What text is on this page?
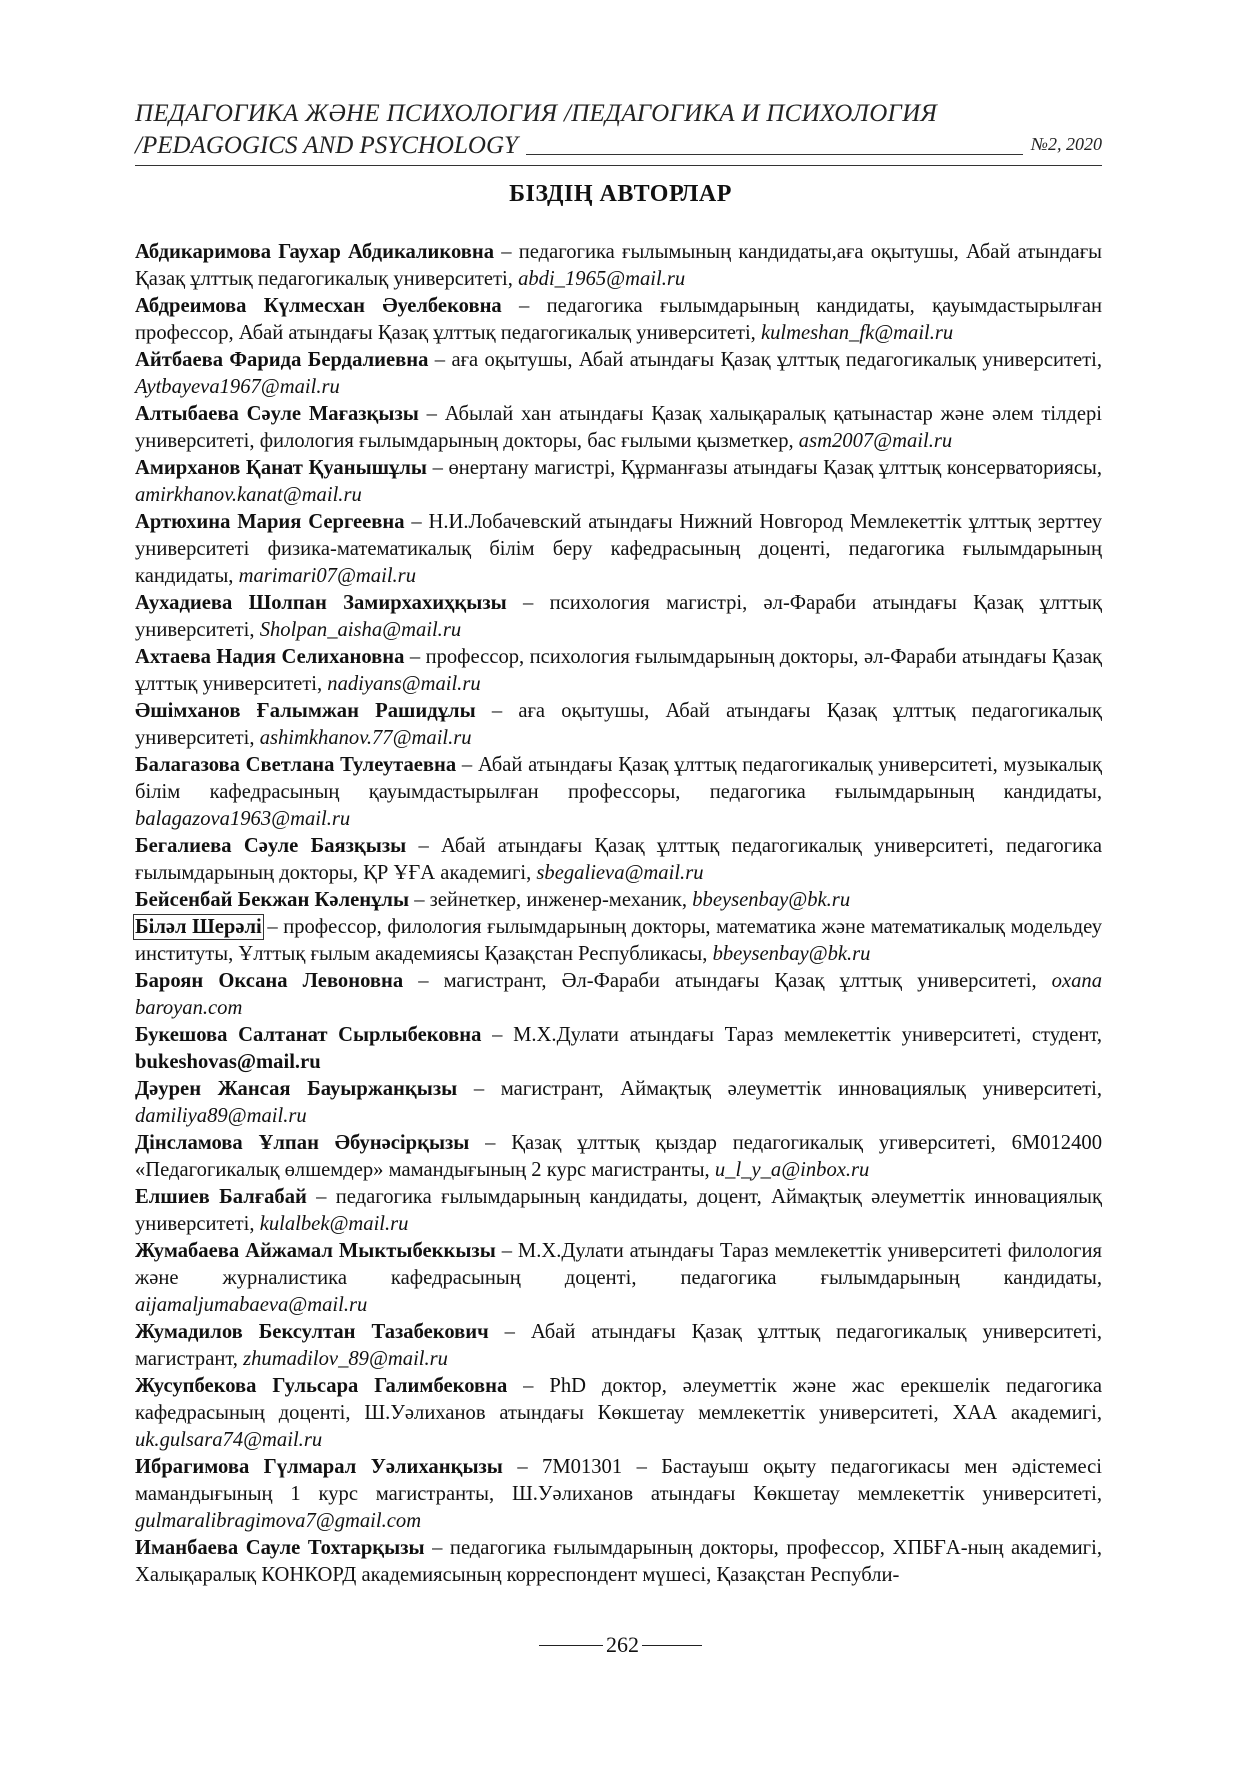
ПЕДАГОГИКА ЖӘНЕ ПСИХОЛОГИЯ /ПЕДАГОГИКА И ПСИХОЛОГИЯ
/PEDAGOGICS AND PSYCHOLOGY	№2, 2020
БІЗДІҢ АВТОРЛАР

Абдикаримова Гаухар Абдикаликовна – педагогика ғылымының кандидаты,аға оқытушы, Абай атындағы Қазақ ұлттық педагогикалық университеті, abdi_1965@mail.ru

Абдреимова Күлмесхан Әуелбековна – педагогика ғылымдарының кандидаты, қауымдастырылған профессор, Абай атындағы Қазақ ұлттық педагогикалық университеті, kulmeshan_fk@mail.ru

Айтбаева Фарида Бердалиевна – аға оқытушы, Абай атындағы Қазақ ұлттық педагогикалық университеті, Aytbayeva1967@mail.ru

Алтыбаева Сәуле Мағазқызы – Абылай хан атындағы Қазақ халықаралық қатынастар және әлем тілдері университеті, филология ғылымдарының докторы, бас ғылыми қызметкер, asm2007@mail.ru

Амирханов Қанат Қуанышұлы – өнертану магистрі, Құрманғазы атындағы Қазақ ұлттық консерваториясы, amirkhanov.kanat@mail.ru

Артюхина Мария Сергеевна – Н.И.Лобачевский атындағы Нижний Новгород Мемлекеттік ұлттық зерттеу университеті физика-математикалық білім беру кафедрасының доценті, педагогика ғылымдарының кандидаты, marimari07@mail.ru

Аухадиева Шолпан Замирхахиҳқызы – психология магистрі, әл-Фараби атындағы Қазақ ұлттық университеті, Sholpan_aisha@mail.ru

Ахтаева Надия Селихановна – профессор, психология ғылымдарының докторы, әл-Фараби атындағы Қазақ ұлттық университеті, nadiyans@mail.ru

Әшімханов Ғалымжан Рашидұлы – аға оқытушы, Абай атындағы Қазақ ұлттық педагогикалық университеті, ashimkhanov.77@mail.ru

Балагазова Светлана Тулеутаевна – Абай атындағы Қазақ ұлттық педагогикалық университеті, музыкалық білім кафедрасының қауымдастырылған профессоры, педагогика ғылымдарының кандидаты, balagazova1963@mail.ru

Бегалиева Сәуле Баязқызы – Абай атындағы Қазақ ұлттық педагогикалық университеті, педагогика ғылымдарының докторы, ҚР ҰҒА академигі, sbegalieva@mail.ru

Бейсенбай Бекжан Кәленұлы – зейнеткер, инженер-механик, bbeysenbay@bk.ru

Білəл Шерәлі – профессор, филология ғылымдарының докторы, математика және математикалық модельдеу институты, Ұлттық ғылым академиясы Қазақстан Республикасы, bbeysenbay@bk.ru

Бароян Оксана Левоновна – магистрант, Әл-Фараби атындағы Қазақ ұлттық университеті, oxana baroyan.com

Букешова Салтанат Сырлыбековна – М.Х.Дулати атындағы Тараз мемлекеттік университеті, студент, bukeshovas@mail.ru

Дәурен Жансая Бауыржанқызы – магистрант, Аймақтық әлеуметтік инновациялық университеті, damiliya89@mail.ru

Дінсламова Ұлпан Әбунәсірқызы – Қазақ ұлттық қыздар педагогикалық угиверситеті, 6М012400 «Педагогикалық өлшемдер» мамандығының 2 курс магистранты, u_l_y_a@inbox.ru

Елшиев Балғабай – педагогика ғылымдарының кандидаты, доцент, Аймақтық әлеуметтік инновациялық университеті, kulalbek@mail.ru

Жумабаева Айжамал Мыктыбеккызы – М.Х.Дулати атындағы Тараз мемлекеттік университеті филология және журналистика кафедрасының доценті, педагогика ғылымдарының кандидаты, aijamaljumabaeva@mail.ru

Жумадилов Бексултан Тазабекович – Абай атындағы Қазақ ұлттық педагогикалық университеті, магистрант, zhumadilov_89@mail.ru

Жусупбекова Гульсара Галимбековна – PhD доктор, әлеуметтік және жас ерекшелік педагогика кафедрасының доценті, Ш.Уәлиханов атындағы Көкшетау мемлекеттік университеті, ХАА академигі, uk.gulsara74@mail.ru

Ибрагимова Гүлмарал Уәлиханқызы – 7М01301 – Бастауыш оқыту педагогикасы мен әдістемесі мамандығының 1 курс магистранты, Ш.Уәлиханов атындағы Көкшетау мемлекеттік университеті, gulmaralibragimova7@gmail.com

Иманбаева Сауле Тохтарқызы – педагогика ғылымдарының докторы, профессор, ХПБҒА-ның академигі, Халықаралық КОНКОРД академиясының корреспондент мүшесі, Қазақстан Республи-

262
